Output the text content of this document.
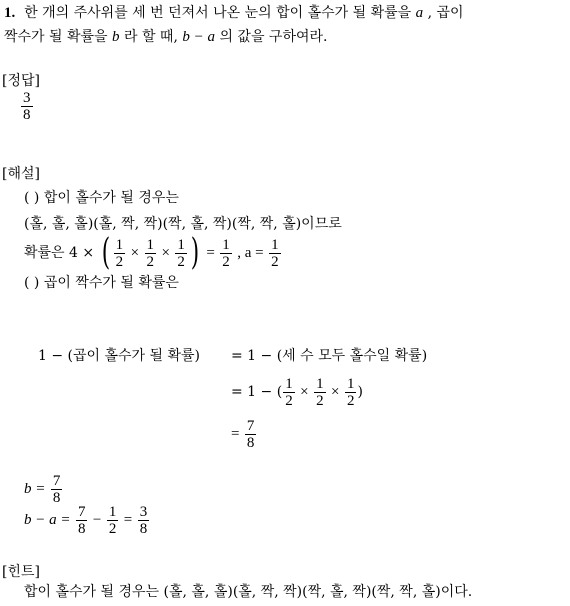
1. 한 개의 주사위를 세 번 던져서 나온 눈의 합이 홀수가 될 확률을 a , 곱이
짝수가 될 확률을 b 라 할 때, b − a 의 값을 구하여라.
[정답]
$\frac{3}{8}$
[해설]
( ) 합이 홀수가 될 경우는
(홀, 홀, 홀)(홀, 짝, 짝)(짝, 홀, 짝)(짝, 짝, 홀)이므로
확률은 4 × ( $\frac{1}{2} \times \frac{1}{2} \times \frac{1}{2}$ ) = $\frac{1}{2}$ , $a = \frac{1}{2}$
( ) 곱이 짝수가 될 확률은
1 − (곱이 홀수가 될 확률) = 1 − (세 수 모두 홀수일 확률)
= 1 − ( $\frac{1}{2} \times \frac{1}{2} \times \frac{1}{2}$ )
= $\frac{7}{8}$
$b = \frac{7}{8}$
$b - a = \frac{7}{8} - \frac{1}{2} = \frac{3}{8}$
[힌트]
합이 홀수가 될 경우는 (홀, 홀, 홀)(홀, 짝, 짝)(짝, 홀, 짝)(짝, 짝, 홀)이다.
